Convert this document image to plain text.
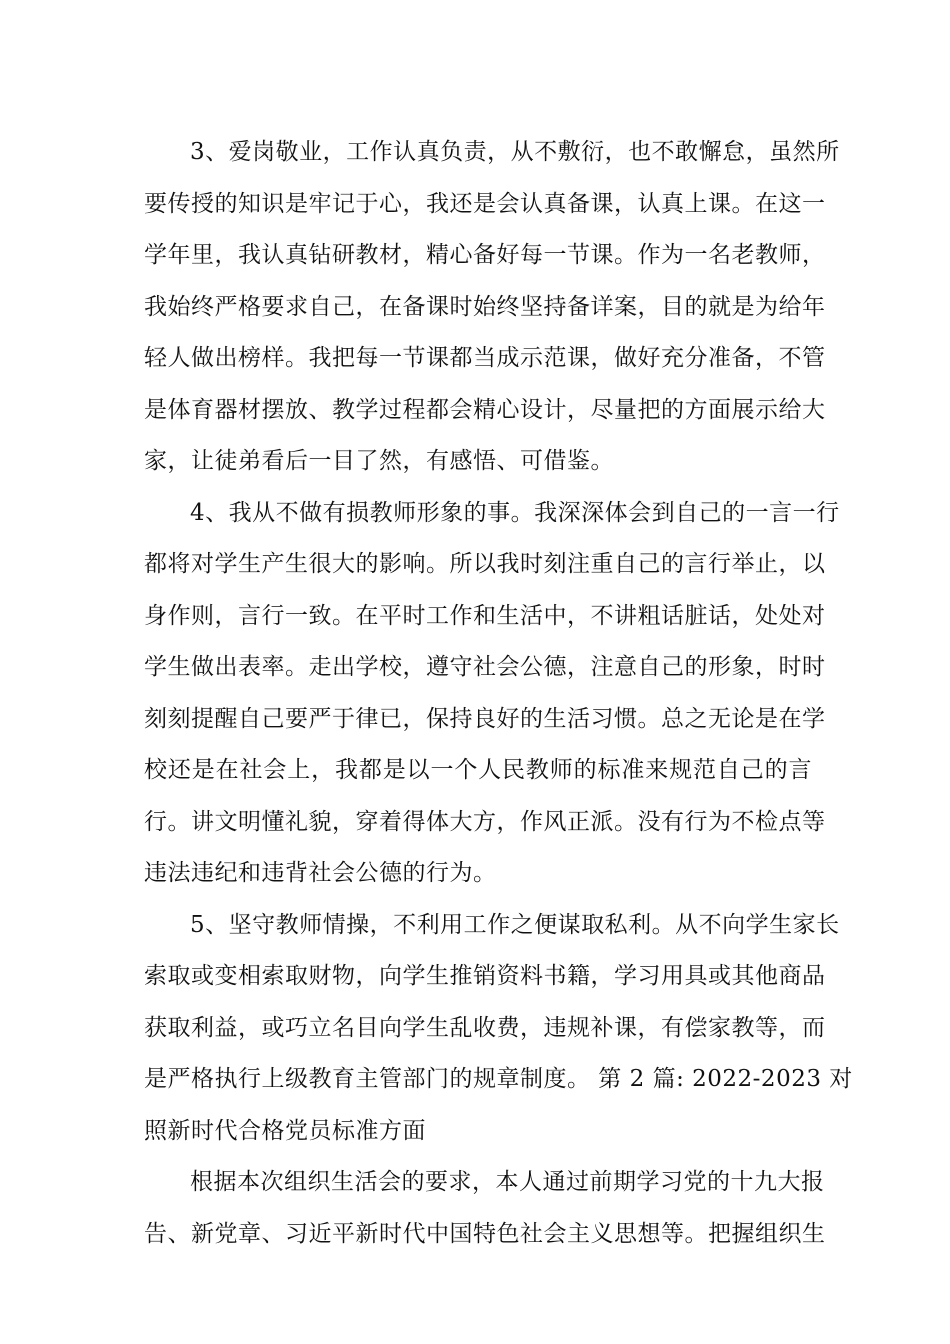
3、爱岗敬业，工作认真负责，从不敷衍，也不敢懈怠，虽然所
要传授的知识是牢记于心，我还是会认真备课，认真上课。在这一
学年里，我认真钻研教材，精心备好每一节课。作为一名老教师，
我始终严格要求自己，在备课时始终坚持备详案，目的就是为给年
轻人做出榜样。我把每一节课都当成示范课，做好充分准备，不管
是体育器材摆放、教学过程都会精心设计，尽量把的方面展示给大
家，让徒弟看后一目了然，有感悟、可借鉴。
4、我从不做有损教师形象的事。我深深体会到自己的一言一行
都将对学生产生很大的影响。所以我时刻注重自己的言行举止，以
身作则，言行一致。在平时工作和生活中，不讲粗话脏话，处处对
学生做出表率。走出学校，遵守社会公德，注意自己的形象，时时
刻刻提醒自己要严于律已，保持良好的生活习惯。总之无论是在学
校还是在社会上，我都是以一个人民教师的标准来规范自己的言
行。讲文明懂礼貌，穿着得体大方，作风正派。没有行为不检点等
违法违纪和违背社会公德的行为。
5、坚守教师情操，不利用工作之便谋取私利。从不向学生家长
索取或变相索取财物，向学生推销资料书籍，学习用具或其他商品
获取利益，或巧立名目向学生乱收费，违规补课，有偿家教等，而
是严格执行上级教育主管部门的规章制度。 第 2 篇: 2022-2023 对
照新时代合格党员标准方面
根据本次组织生活会的要求，本人通过前期学习党的十九大报
告、新党章、习近平新时代中国特色社会主义思想等。把握组织生
